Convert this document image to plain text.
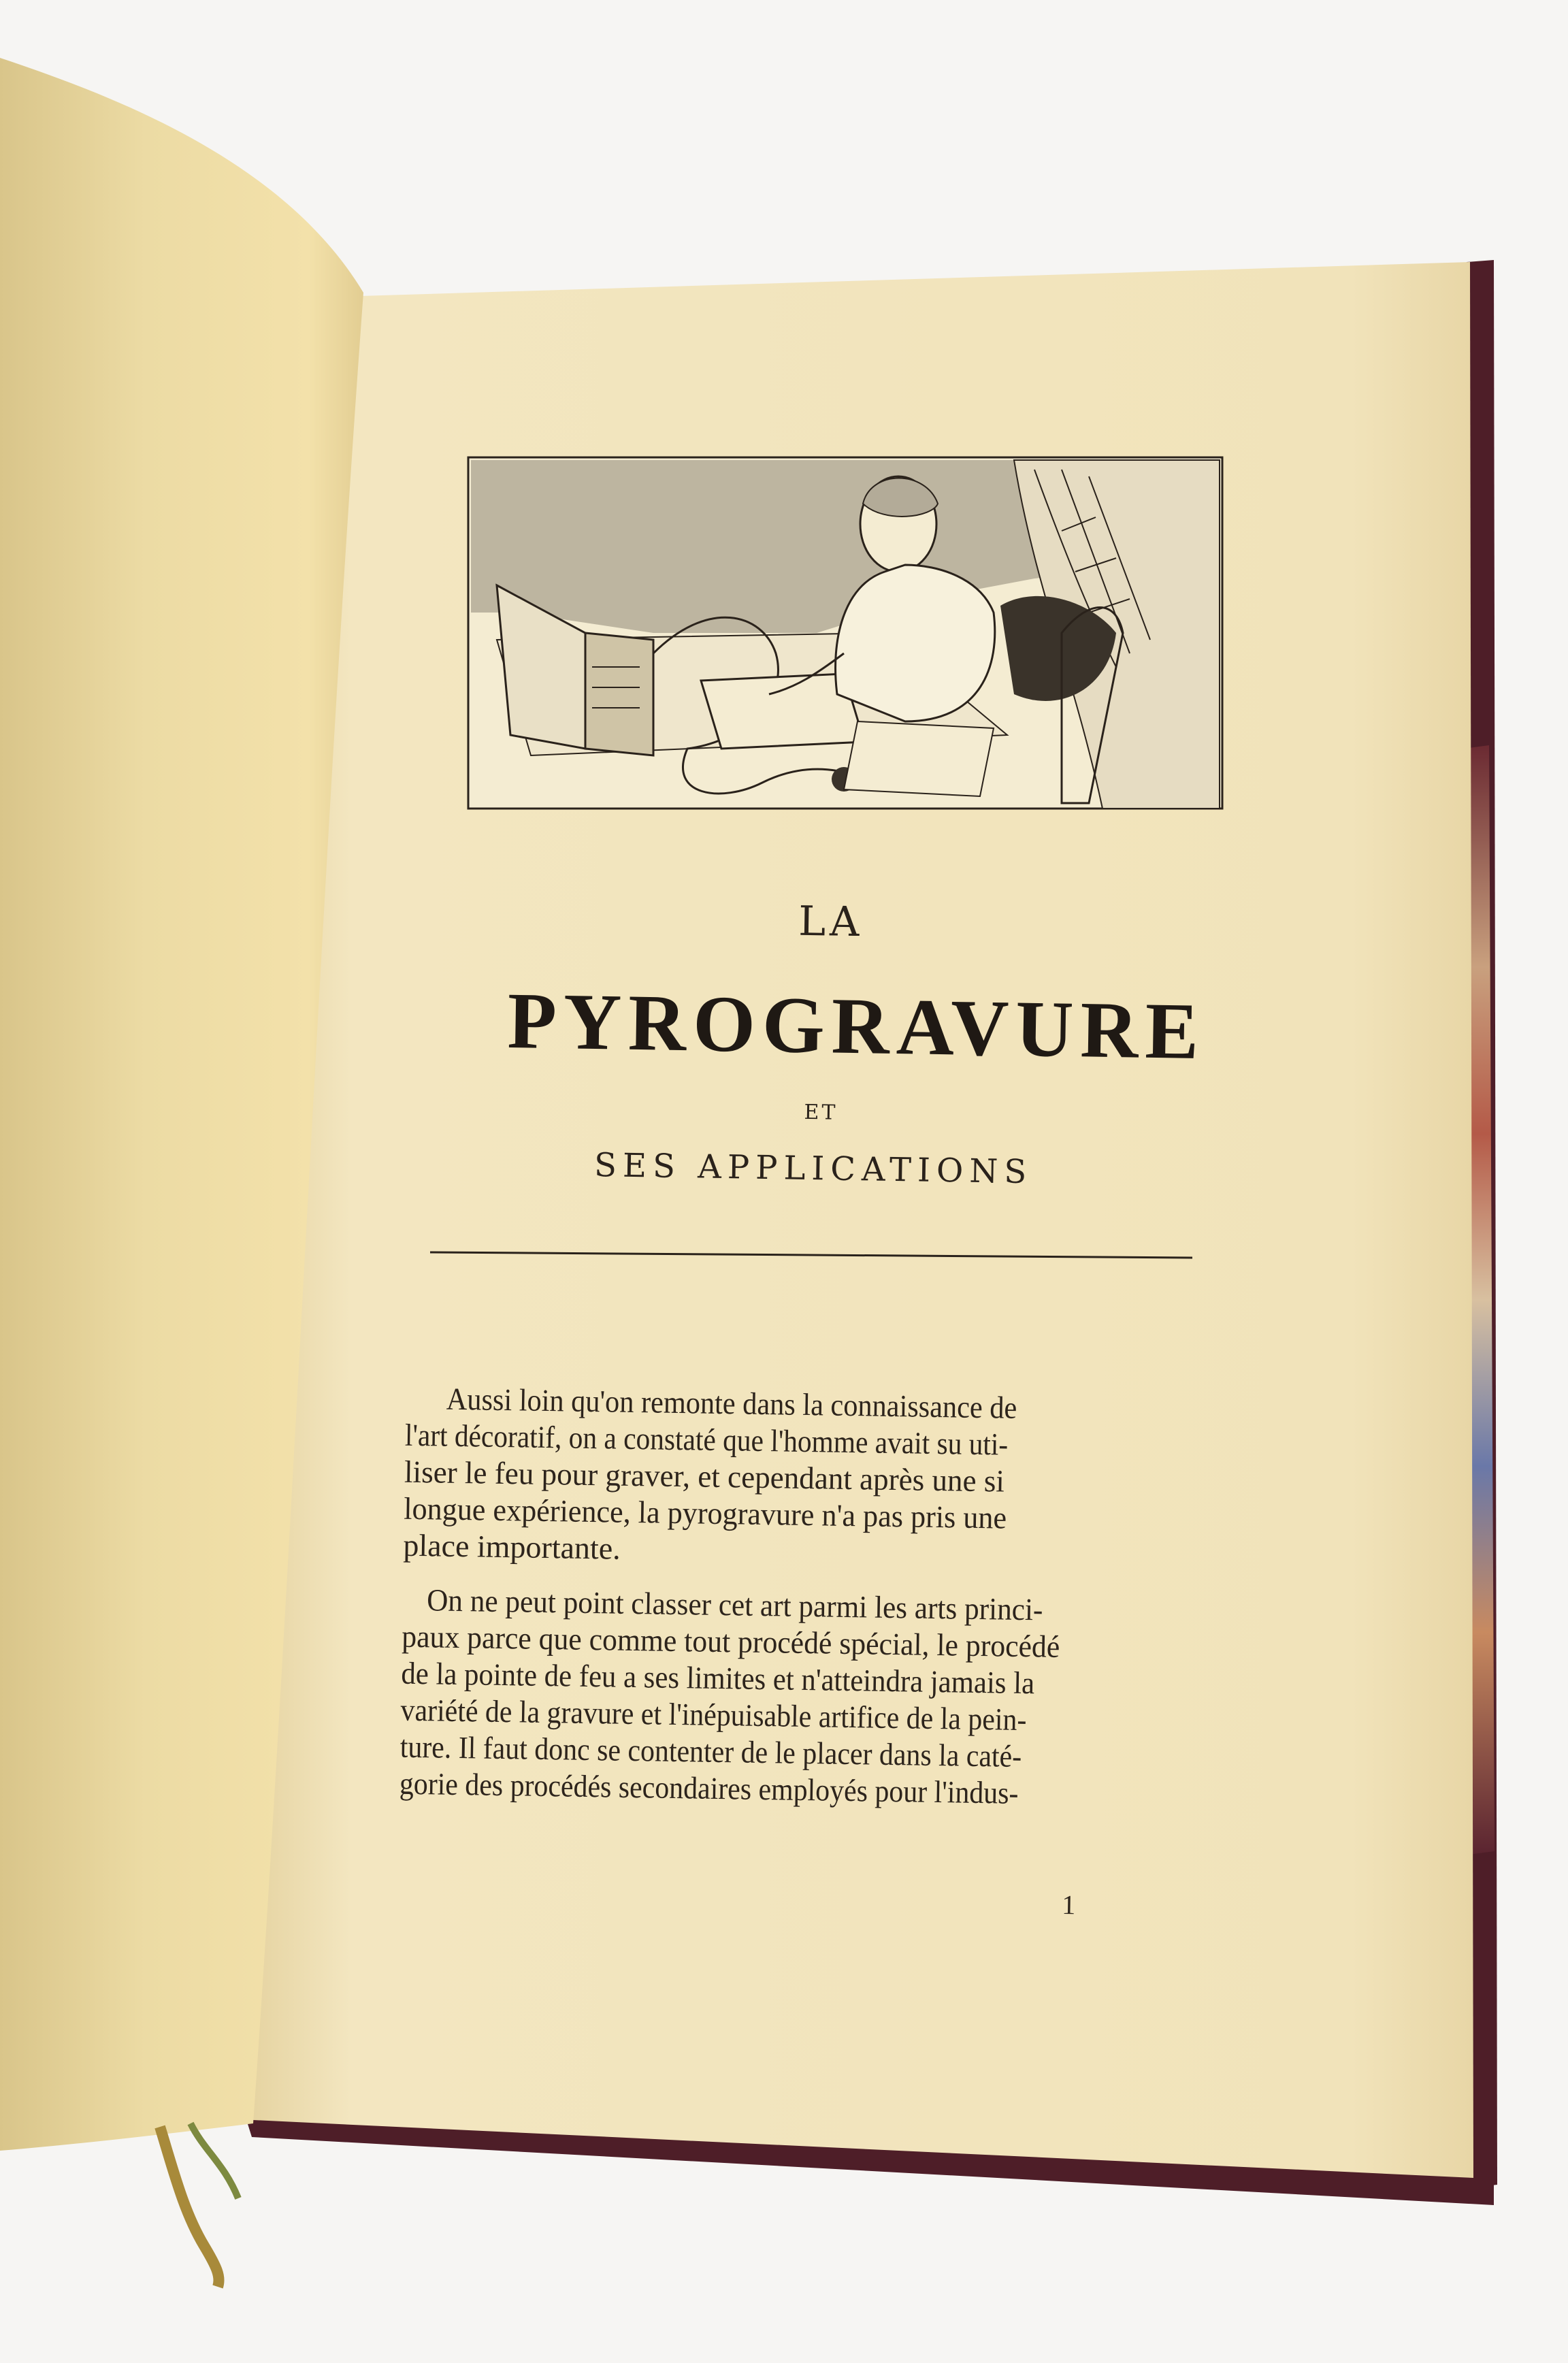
LA
PYROGRAVURE
ET
SES APPLICATIONS
Aussi loin qu'on remonte dans la connaissance de
l'art décoratif, on a constaté que l'homme avait su uti-
liser le feu pour graver, et cependant après une si
longue expérience, la pyrogravure n'a pas pris une
place importante.
On ne peut point classer cet art parmi les arts princi-
paux parce que comme tout procédé spécial, le procédé
de la pointe de feu a ses limites et n'atteindra jamais la
variété de la gravure et l'inépuisable artifice de la pein-
ture. Il faut donc se contenter de le placer dans la caté-
gorie des procédés secondaires employés pour l'indus-
1
